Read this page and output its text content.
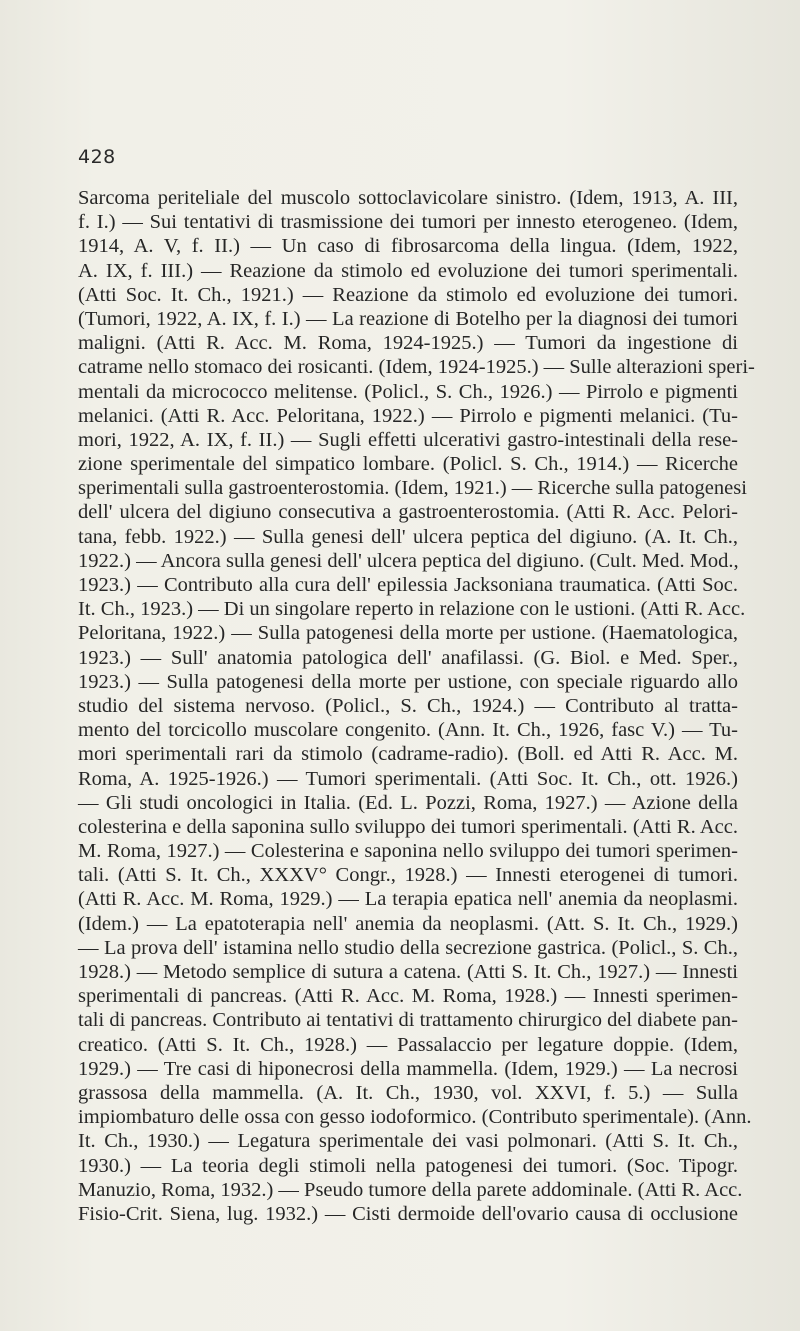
428
Sarcoma periteliale del muscolo sottoclavicolare sinistro. (Idem, 1913, A. III,
f. I.) — Sui tentativi di trasmissione dei tumori per innesto eterogeneo. (Idem,
1914, A. V, f. II.) — Un caso di fibrosarcoma della lingua. (Idem, 1922,
A. IX, f. III.) — Reazione da stimolo ed evoluzione dei tumori sperimentali.
(Atti Soc. It. Ch., 1921.) — Reazione da stimolo ed evoluzione dei tumori.
(Tumori, 1922, A. IX, f. I.) — La reazione di Botelho per la diagnosi dei tumori
maligni. (Atti R. Acc. M. Roma, 1924-1925.) — Tumori da ingestione di
catrame nello stomaco dei rosicanti. (Idem, 1924-1925.) — Sulle alterazioni speri-
mentali da micrococco melitense. (Policl., S. Ch., 1926.) — Pirrolo e pigmenti
melanici. (Atti R. Acc. Peloritana, 1922.) — Pirrolo e pigmenti melanici. (Tu-
mori, 1922, A. IX, f. II.) — Sugli effetti ulcerativi gastro-intestinali della rese-
zione sperimentale del simpatico lombare. (Policl. S. Ch., 1914.) — Ricerche
sperimentali sulla gastroenterostomia. (Idem, 1921.) — Ricerche sulla patogenesi
dell' ulcera del digiuno consecutiva a gastroenterostomia. (Atti R. Acc. Pelori-
tana, febb. 1922.) — Sulla genesi dell' ulcera peptica del digiuno. (A. It. Ch.,
1922.) — Ancora sulla genesi dell' ulcera peptica del digiuno. (Cult. Med. Mod.,
1923.) — Contributo alla cura dell' epilessia Jacksoniana traumatica. (Atti Soc.
It. Ch., 1923.) — Di un singolare reperto in relazione con le ustioni. (Atti R. Acc.
Peloritana, 1922.) — Sulla patogenesi della morte per ustione. (Haematologica,
1923.) — Sull' anatomia patologica dell' anafilassi. (G. Biol. e Med. Sper.,
1923.) — Sulla patogenesi della morte per ustione, con speciale riguardo allo
studio del sistema nervoso. (Policl., S. Ch., 1924.) — Contributo al tratta-
mento del torcicollo muscolare congenito. (Ann. It. Ch., 1926, fasc V.) — Tu-
mori sperimentali rari da stimolo (cadrame-radio). (Boll. ed Atti R. Acc. M.
Roma, A. 1925-1926.) — Tumori sperimentali. (Atti Soc. It. Ch., ott. 1926.)
— Gli studi oncologici in Italia. (Ed. L. Pozzi, Roma, 1927.) — Azione della
colesterina e della saponina sullo sviluppo dei tumori sperimentali. (Atti R. Acc.
M. Roma, 1927.) — Colesterina e saponina nello sviluppo dei tumori sperimen-
tali. (Atti S. It. Ch., XXXV° Congr., 1928.) — Innesti eterogenei di tumori.
(Atti R. Acc. M. Roma, 1929.) — La terapia epatica nell' anemia da neoplasmi.
(Idem.) — La epatoterapia nell' anemia da neoplasmi. (Att. S. It. Ch., 1929.)
— La prova dell' istamina nello studio della secrezione gastrica. (Policl., S. Ch.,
1928.) — Metodo semplice di sutura a catena. (Atti S. It. Ch., 1927.) — Innesti
sperimentali di pancreas. (Atti R. Acc. M. Roma, 1928.) — Innesti sperimen-
tali di pancreas. Contributo ai tentativi di trattamento chirurgico del diabete pan-
creatico. (Atti S. It. Ch., 1928.) — Passalaccio per legature doppie. (Idem,
1929.) — Tre casi di hiponecrosi della mammella. (Idem, 1929.) — La necrosi
grassosa della mammella. (A. It. Ch., 1930, vol. XXVI, f. 5.) — Sulla
impiombaturo delle ossa con gesso iodoformico. (Contributo sperimentale). (Ann.
It. Ch., 1930.) — Legatura sperimentale dei vasi polmonari. (Atti S. It. Ch.,
1930.) — La teoria degli stimoli nella patogenesi dei tumori. (Soc. Tipogr.
Manuzio, Roma, 1932.) — Pseudo tumore della parete addominale. (Atti R. Acc.
Fisio-Crit. Siena, lug. 1932.) — Cisti dermoide dell'ovario causa di occlusione
